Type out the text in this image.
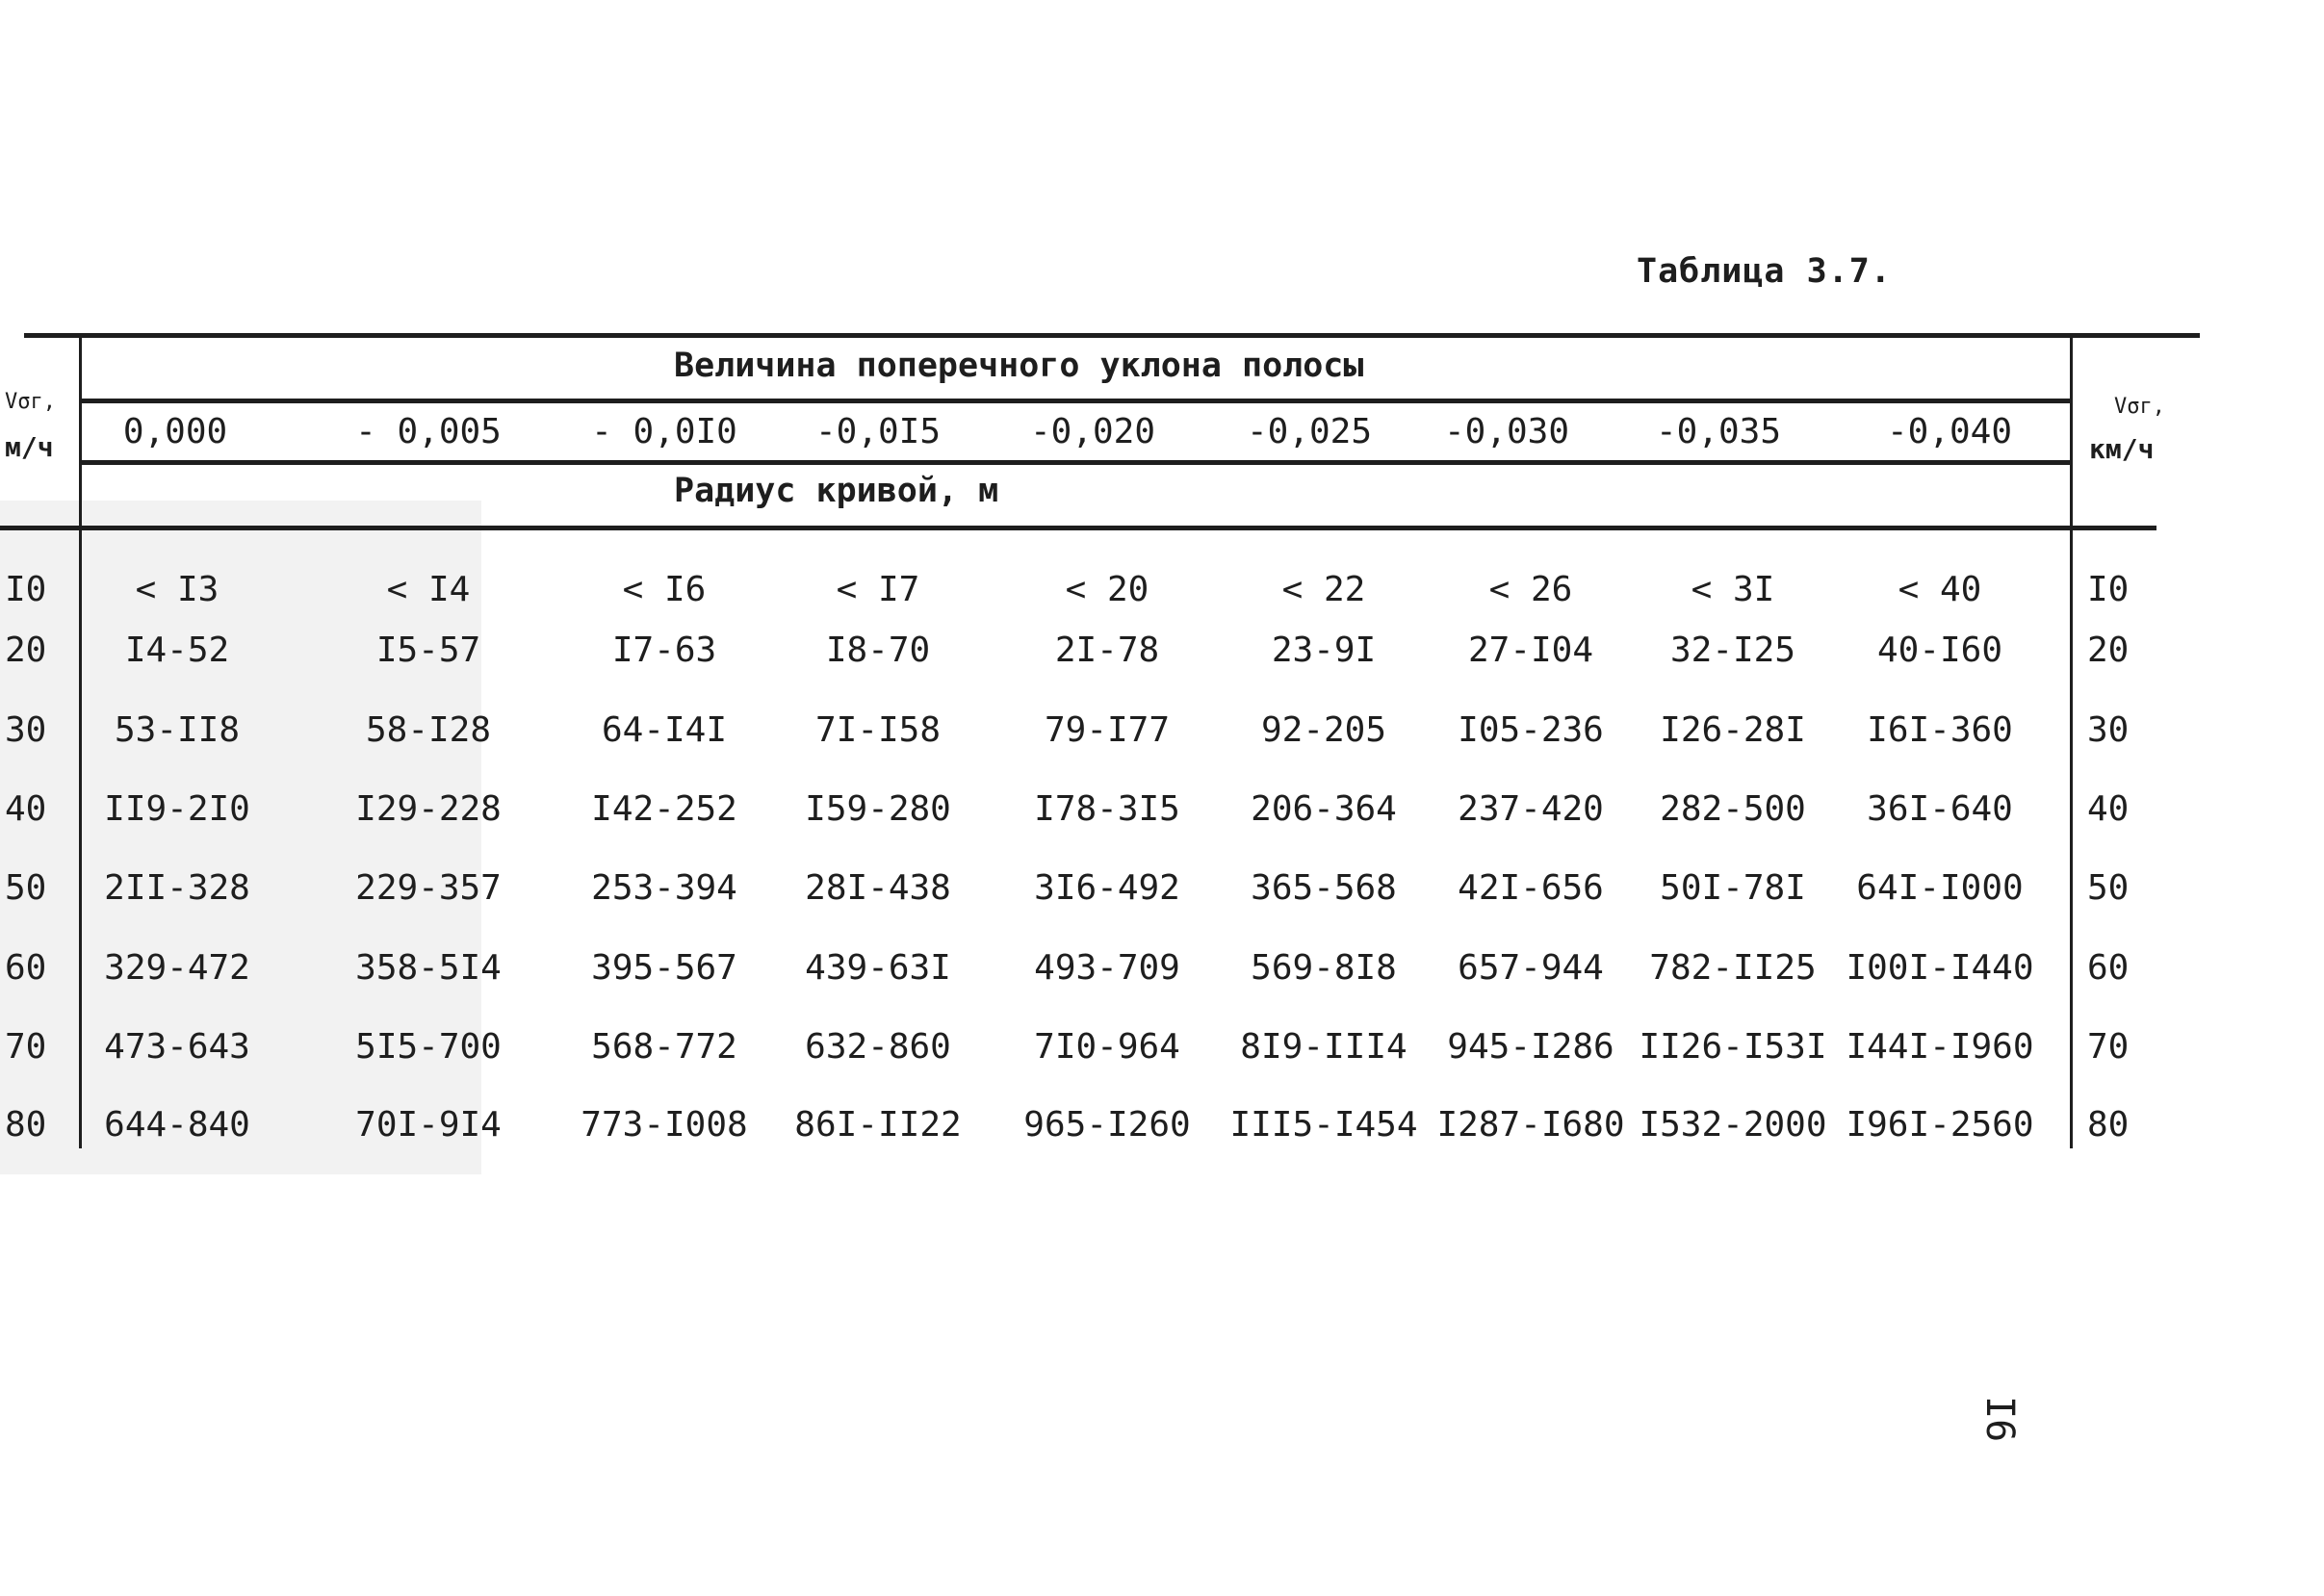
Таблица 3.7.
Величина поперечного уклона полосы
Радиус кривой, м
Vσг,
м/ч
Vσг,
км/ч
0,000	- 0,005	- 0,0I0	-0,0I5	-0,020	-0,025	-0,030	-0,035	-0,040
I0	< I3	< I4	< I6	< I7	< 20	< 22	< 26	< 3I	< 40	I0
20	I4-52	I5-57	I7-63	I8-70	2I-78	23-9I	27-I04	32-I25	40-I60	20
30	53-II8	58-I28	64-I4I	7I-I58	79-I77	92-205	I05-236	I26-28I	I6I-360	30
40	II9-2I0	I29-228	I42-252	I59-280	I78-3I5	206-364	237-420	282-500	36I-640	40
50	2II-328	229-357	253-394	28I-438	3I6-492	365-568	42I-656	50I-78I	64I-I000	50
60	329-472	358-5I4	395-567	439-63I	493-709	569-8I8	657-944	782-II25 I00I-I440 60
70	473-643	5I5-700	568-772	632-860	7I0-964	8I9-III4	945-I286 II26-I53I I44I-I960 70
80	644-840	70I-9I4	773-I008	86I-II22	965-I260	III5-I454 I287-I680 I532-2000 I96I-2560 80
I6
